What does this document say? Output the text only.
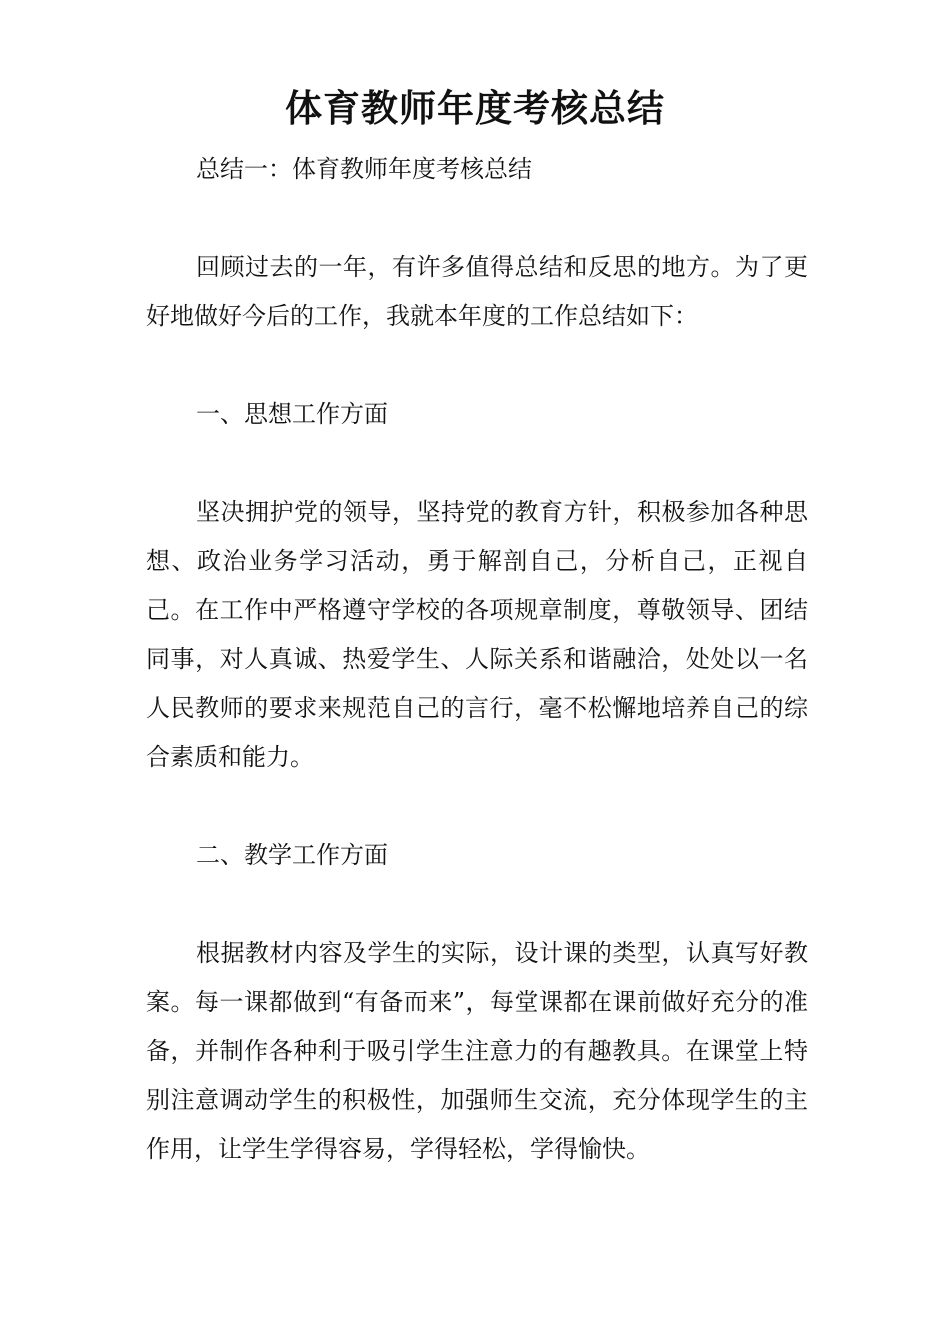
体育教师年度考核总结

总结一：体育教师年度考核总结

回顾过去的一年，有许多值得总结和反思的地方。为了更好地做好今后的工作，我就本年度的工作总结如下：

一、思想工作方面

坚决拥护党的领导，坚持党的教育方针，积极参加各种思想、政治业务学习活动，勇于解剖自己，分析自己，正视自己。在工作中严格遵守学校的各项规章制度，尊敬领导、团结同事，对人真诚、热爱学生、人际关系和谐融洽，处处以一名人民教师的要求来规范自己的言行，毫不松懈地培养自己的综合素质和能力。

二、教学工作方面

根据教材内容及学生的实际，设计课的类型，认真写好教案。每一课都做到“有备而来”，每堂课都在课前做好充分的准备，并制作各种利于吸引学生注意力的有趣教具。在课堂上特别注意调动学生的积极性，加强师生交流，充分体现学生的主作用，让学生学得容易，学得轻松，学得愉快。
